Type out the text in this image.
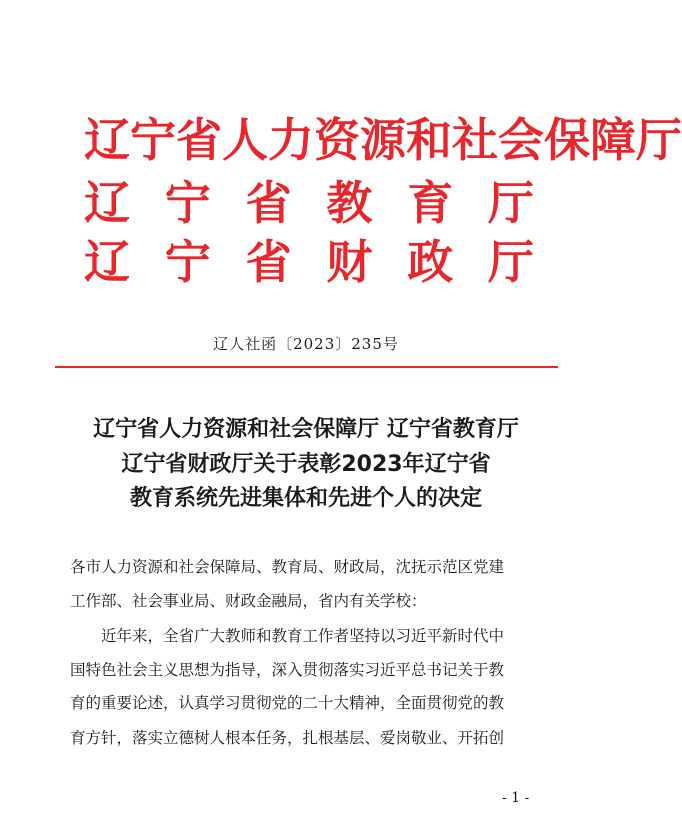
辽 宁 省 人 力 资 源 和 社 会 保 障 厅
辽 宁 省 教 育 厅
辽 宁 省 财 政 厅
辽人社函〔2023〕235号
辽宁省人力资源和社会保障厅 辽宁省教育厅
辽宁省财政厅关于表彰2023年辽宁省
教育系统先进集体和先进个人的决定
各市人力资源和社会保障局、教育局、财政局，沈抚示范区党建
工作部、社会事业局、财政金融局，省内有关学校：
　　近年来，全省广大教师和教育工作者坚持以习近平新时代中
国特色社会主义思想为指导，深入贯彻落实习近平总书记关于教
育的重要论述，认真学习贯彻党的二十大精神，全面贯彻党的教
育方针，落实立德树人根本任务，扎根基层、爱岗敬业、开拓创
- 1 -
